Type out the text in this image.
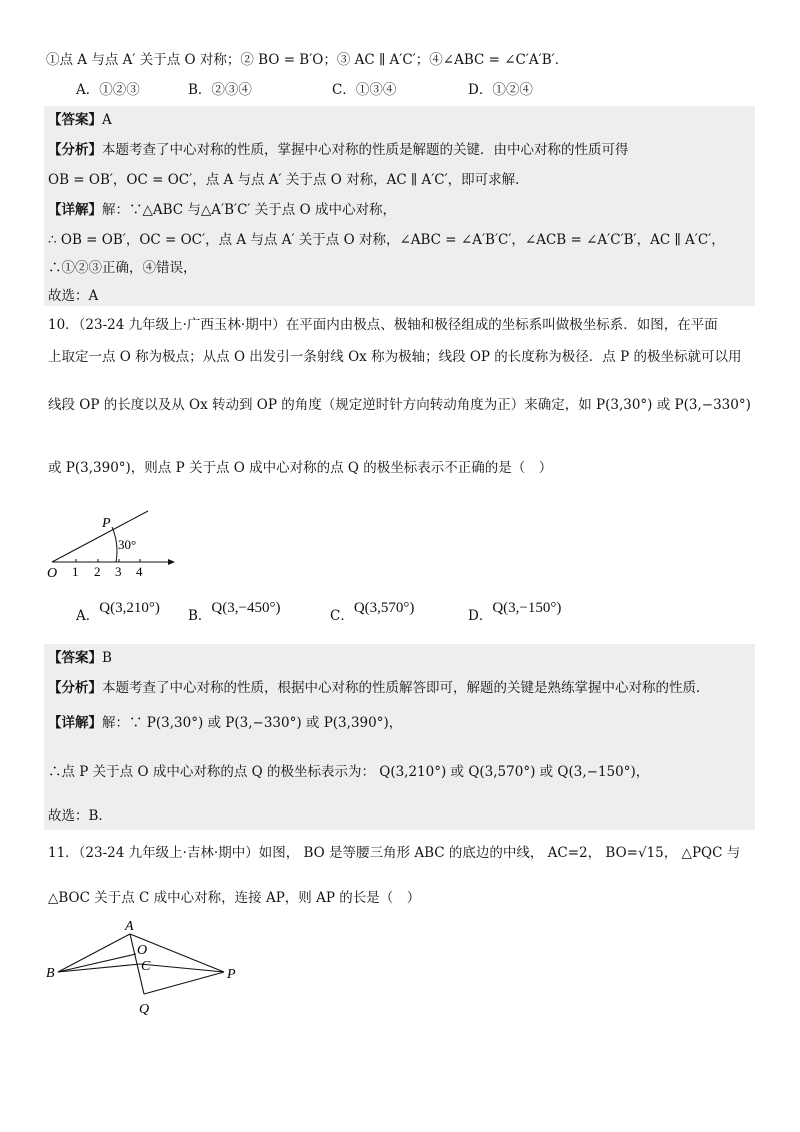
①点 A 与点 A′ 关于点 O 对称；② BO = B′O；③ AC ∥ A′C′；④∠ABC = ∠C′A′B′．
A．①②③	B．②③④	C．①③④	D．①②④
【答案】A
【分析】本题考查了中心对称的性质，掌握中心对称的性质是解题的关键．由中心对称的性质可得
OB = OB′，OC = OC′，点 A 与点 A′ 关于点 O 对称，AC ∥ A′C′，即可求解．
【详解】解：∵△ABC 与△A′B′C′ 关于点 O 成中心对称，
∴ OB = OB′，OC = OC′，点 A 与点 A′ 关于点 O 对称，∠ABC = ∠A′B′C′，∠ACB = ∠A′C′B′，AC ∥ A′C′，
∴①②③正确，④错误，
故选：A
10．（23-24 九年级上·广西玉林·期中）在平面内由极点、极轴和极径组成的坐标系叫做极坐标系．如图，在平面
上取定一点 O 称为极点；从点 O 出发引一条射线 Ox 称为极轴；线段 OP 的长度称为极径．点 P 的极坐标就可以用
线段 OP 的长度以及从 Ox 转动到 OP 的角度（规定逆时针方向转动角度为正）来确定，如 P(3,30°) 或 P(3,−330°)
或 P(3,390°)，则点 P 关于点 O 成中心对称的点 Q 的极坐标表示不正确的是（　）
P
30°
O 1 2 3 4
A．Q(3,210°) B．Q(3,−450°)	C．Q(3,570°)	D．Q(3,−150°)
【答案】B
【分析】本题考查了中心对称的性质，根据中心对称的性质解答即可，解题的关键是熟练掌握中心对称的性质．
【详解】解：∵ P(3,30°) 或 P(3,−330°) 或 P(3,390°)，
∴点 P 关于点 O 成中心对称的点 Q 的极坐标表示为： Q(3,210°) 或 Q(3,570°) 或 Q(3,−150°)，
故选：B．
11．（23-24 九年级上·吉林·期中）如图， BO 是等腰三角形 ABC 的底边的中线， AC=2， BO=√15， △PQC 与
△BOC 关于点 C 成中心对称，连接 AP，则 AP 的长是（　）
A
O
B	C
P
Q
